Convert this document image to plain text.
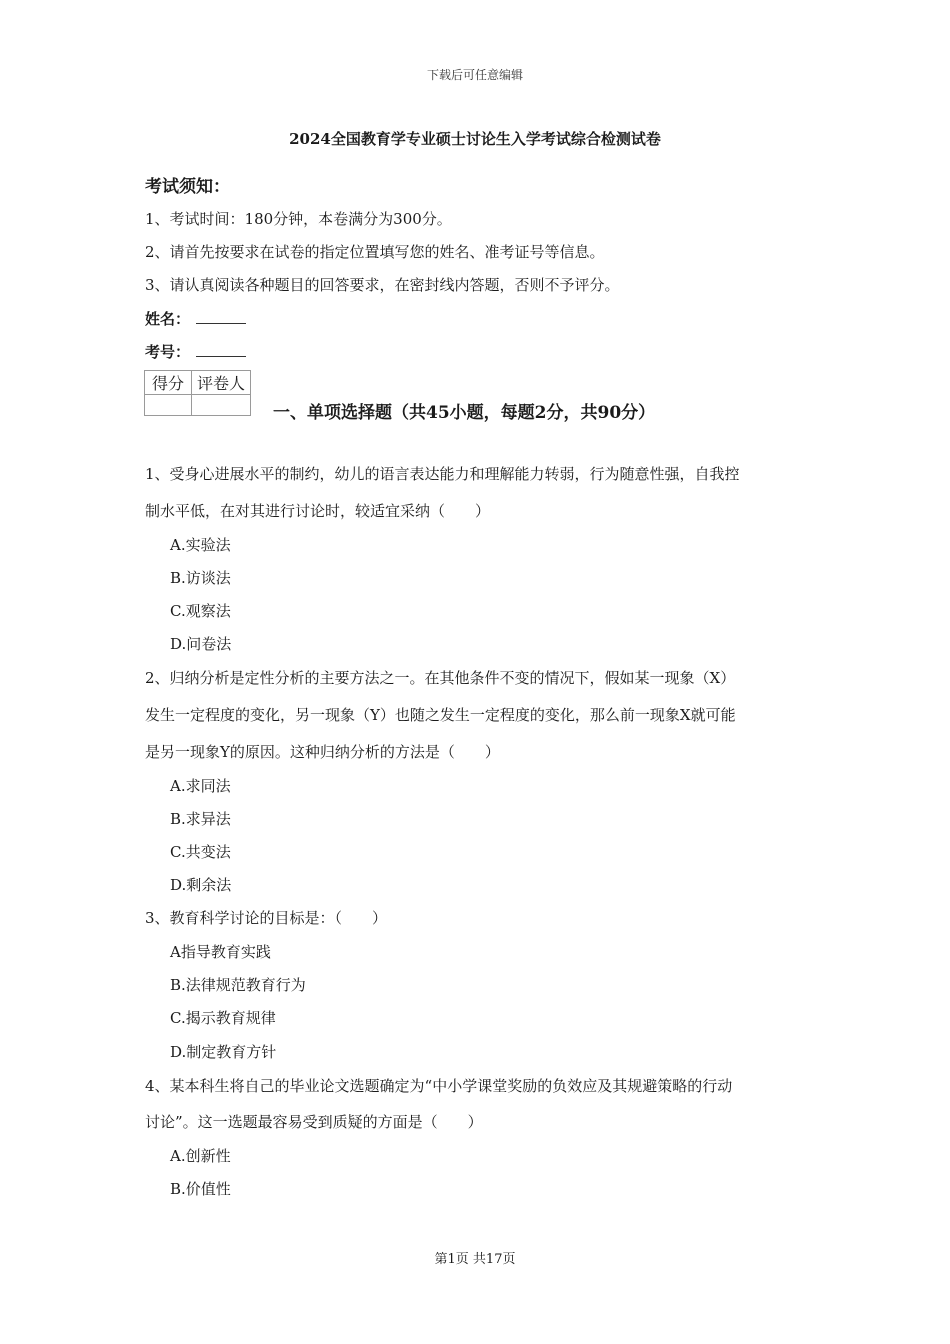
下载后可任意编辑
2024全国教育学专业硕士讨论生入学考试综合检测试卷
考试须知：
1、考试时间：180分钟，本卷满分为300分。
2、请首先按要求在试卷的指定位置填写您的姓名、准考证号等信息。
3、请认真阅读各种题目的回答要求，在密封线内答题，否则不予评分。
姓名：
考号：
得分	评卷人

一、单项选择题（共45小题，每题2分，共90分）
1、受身心进展水平的制约，幼儿的语言表达能力和理解能力转弱，行为随意性强，自我控
制水平低，在对其进行讨论时，较适宜采纳（　　）
A.实验法
B.访谈法
C.观察法
D.问卷法
2、归纳分析是定性分析的主要方法之一。在其他条件不变的情况下，假如某一现象（X）
发生一定程度的变化，另一现象（Y）也随之发生一定程度的变化，那么前一现象X就可能
是另一现象Y的原因。这种归纳分析的方法是（　　）
A.求同法
B.求异法
C.共变法
D.剩余法
3、教育科学讨论的目标是：（　　）
A指导教育实践
B.法律规范教育行为
C.揭示教育规律
D.制定教育方针
4、某本科生将自己的毕业论文选题确定为“中小学课堂奖励的负效应及其规避策略的行动
讨论”。这一选题最容易受到质疑的方面是（　　）
A.创新性
B.价值性
第1页 共17页
